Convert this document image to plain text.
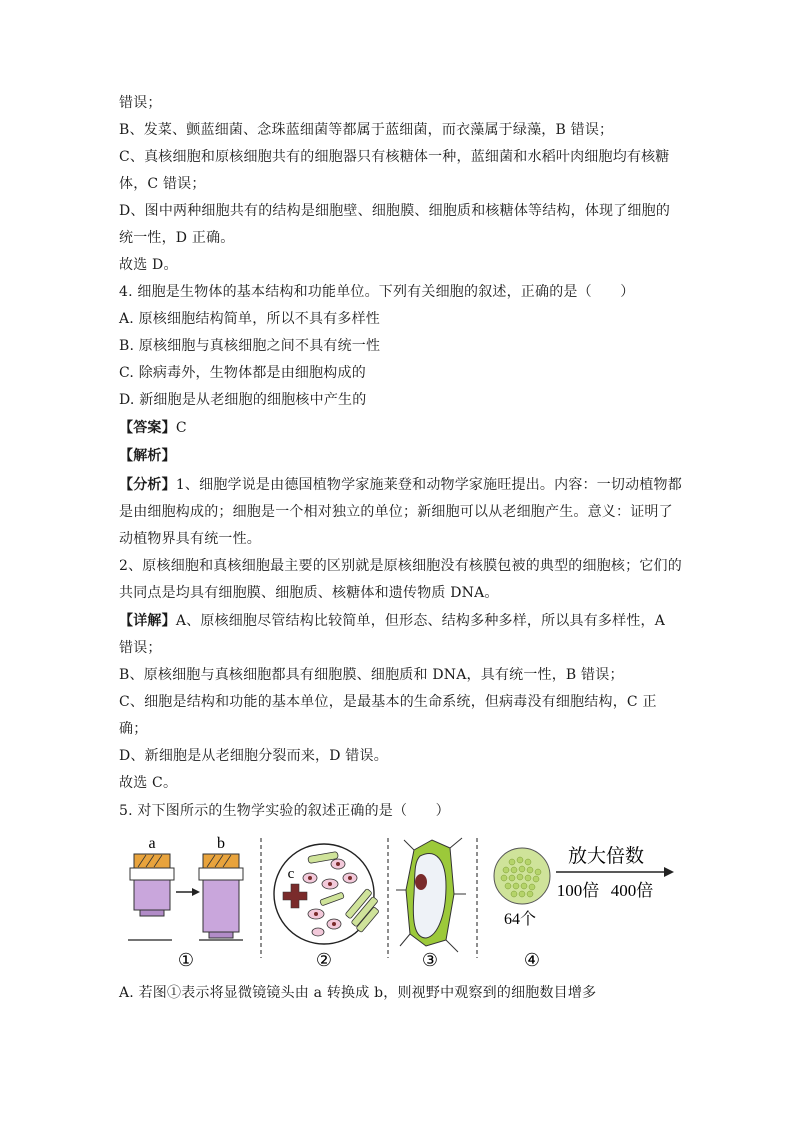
错误；
B、发菜、颤蓝细菌、念珠蓝细菌等都属于蓝细菌，而衣藻属于绿藻，B 错误；
C、真核细胞和原核细胞共有的细胞器只有核糖体一种，蓝细菌和水稻叶肉细胞均有核糖
体，C 错误；
D、图中两种细胞共有的结构是细胞壁、细胞膜、细胞质和核糖体等结构，体现了细胞的
统一性，D 正确。
故选 D。
4. 细胞是生物体的基本结构和功能单位。下列有关细胞的叙述，正确的是（　　）
A. 原核细胞结构简单，所以不具有多样性
B. 原核细胞与真核细胞之间不具有统一性
C. 除病毒外，生物体都是由细胞构成的
D. 新细胞是从老细胞的细胞核中产生的
【答案】C
【解析】
【分析】1、细胞学说是由德国植物学家施莱登和动物学家施旺提出。内容：一切动植物都
是由细胞构成的；细胞是一个相对独立的单位；新细胞可以从老细胞产生。意义：证明了
动植物界具有统一性。
2、原核细胞和真核细胞最主要的区别就是原核细胞没有核膜包被的典型的细胞核；它们的
共同点是均具有细胞膜、细胞质、核糖体和遗传物质 DNA。
【详解】A、原核细胞尽管结构比较简单，但形态、结构多种多样，所以具有多样性，A
错误；
B、原核细胞与真核细胞都具有细胞膜、细胞质和 DNA，具有统一性，B 错误；
C、细胞是结构和功能的基本单位，是最基本的生命系统，但病毒没有细胞结构，C 正
确；
D、新细胞是从老细胞分裂而来，D 错误。
故选 C。
5. 对下图所示的生物学实验的叙述正确的是（　　）
a	b
①
c
②	③
64个
放大倍数
100倍 400倍
④
A. 若图①表示将显微镜镜头由 a 转换成 b，则视野中观察到的细胞数目增多
